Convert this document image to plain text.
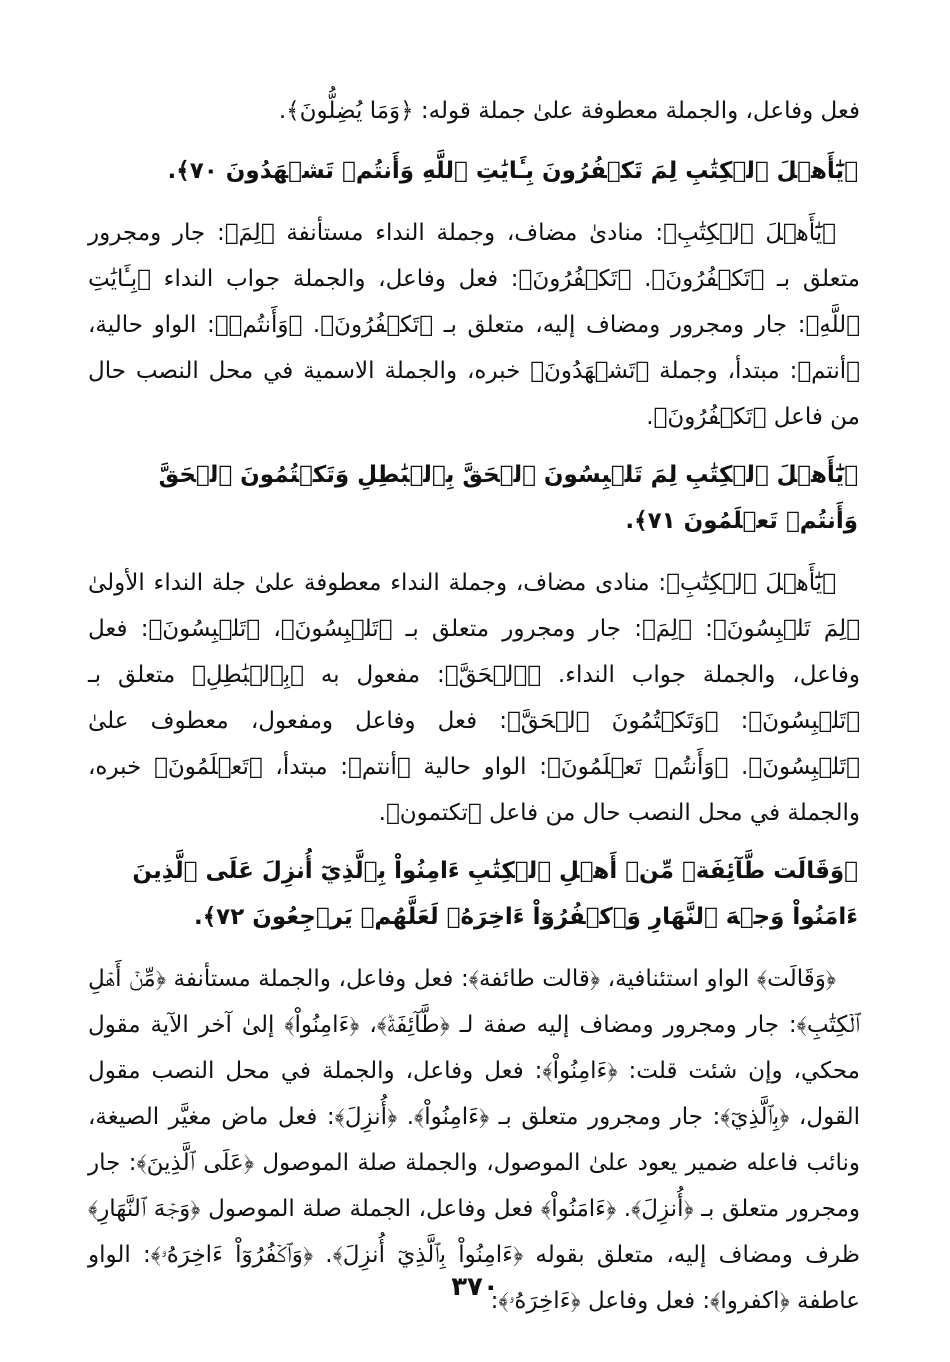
فعل وفاعل، والجملة معطوفة علىٰ جملة قوله: ﴿وَمَا يُضِلُّونَ﴾.

﴿يَٰٓأَهۡلَ ٱلۡكِتَٰبِ لِمَ تَكۡفُرُونَ بِـَٔايَٰتِ ٱللَّهِ وَأَنتُمۡ تَشۡهَدُونَ ٧٠﴾.

﴿يَٰٓأَهۡلَ ٱلۡكِتَٰبِ﴾: منادىٰ مضاف، وجملة النداء مستأنفة ﴿لِمَ﴾: جار ومجرور متعلق بـ ﴿تَكۡفُرُونَ﴾. ﴿تَكۡفُرُونَ﴾: فعل وفاعل، والجملة جواب النداء ﴿بِـَٔايَٰتِ ٱللَّهِ﴾: جار ومجرور ومضاف إليه، متعلق بـ ﴿تَكۡفُرُونَ﴾. ﴿وَأَنتُمۡ﴾: الواو حالية، ﴿أنتم﴾: مبتدأ، وجملة ﴿تَشۡهَدُونَ﴾ خبره، والجملة الاسمية في محل النصب حال من فاعل ﴿تَكۡفُرُونَ﴾.

﴿يَٰٓأَهۡلَ ٱلۡكِتَٰبِ لِمَ تَلۡبِسُونَ ٱلۡحَقَّ بِٱلۡبَٰطِلِ وَتَكۡتُمُونَ ٱلۡحَقَّ وَأَنتُمۡ تَعۡلَمُونَ ٧١﴾.

﴿يَٰٓأَهۡلَ ٱلۡكِتَٰبِ﴾: منادى مضاف، وجملة النداء معطوفة علىٰ جلة النداء الأولىٰ ﴿لِمَ تَلۡبِسُونَ﴾: ﴿لِمَ﴾: جار ومجرور متعلق بـ ﴿تَلۡبِسُونَ﴾، ﴿تَلۡبِسُونَ﴾: فعل وفاعل، والجملة جواب النداء. ﴿ٱلۡحَقَّ﴾: مفعول به ﴿بِٱلۡبَٰطِلِ﴾ متعلق بـ ﴿تَلۡبِسُونَ﴾: ﴿وَتَكۡتُمُونَ ٱلۡحَقَّ﴾: فعل وفاعل ومفعول، معطوف علىٰ ﴿تَلۡبِسُونَ﴾. ﴿وَأَنتُمۡ تَعۡلَمُونَ﴾: الواو حالية ﴿أنتم﴾: مبتدأ، ﴿تَعۡلَمُونَ﴾ خبره، والجملة في محل النصب حال من فاعل ﴿تكتمون﴾.

﴿وَقَالَت طَّآئِفَةٞ مِّنۡ أَهۡلِ ٱلۡكِتَٰبِ ءَامِنُواْ بِٱلَّذِيٓ أُنزِلَ عَلَى ٱلَّذِينَ ءَامَنُواْ وَجۡهَ ٱلنَّهَارِ وَٱكۡفُرُوٓاْ ءَاخِرَهُۥ لَعَلَّهُمۡ يَرۡجِعُونَ ٧٢﴾.

﴿وَقَالَت﴾ الواو استئنافية، ﴿قالت طائفة﴾: فعل وفاعل، والجملة مستأنفة ﴿مِّنۡ أَهۡلِ ٱلۡكِتَٰبِ﴾: جار ومجرور ومضاف إليه صفة لـ ﴿طَّآئِفَةٞ﴾، ﴿ءَامِنُواْ﴾ إلىٰ آخر الآية مقول محكي، وإن شئت قلت: ﴿ءَامِنُواْ﴾: فعل وفاعل، والجملة في محل النصب مقول القول، ﴿بِٱلَّذِيٓ﴾: جار ومجرور متعلق بـ ﴿ءَامِنُواْ﴾. ﴿أُنزِلَ﴾: فعل ماض مغيَّر الصيغة، ونائب فاعله ضمير يعود علىٰ الموصول، والجملة صلة الموصول ﴿عَلَى ٱلَّذِينَ﴾: جار ومجرور متعلق بـ ﴿أُنزِلَ﴾. ﴿ءَامَنُواْ﴾ فعل وفاعل، الجملة صلة الموصول ﴿وَجۡهَ ٱلنَّهَارِ﴾ ظرف ومضاف إليه، متعلق بقوله ﴿ءَامِنُواْ بِٱلَّذِيٓ أُنزِلَ﴾. ﴿وَٱكۡفُرُوٓاْ ءَاخِرَهُۥ﴾: الواو عاطفة ﴿اكفروا﴾: فعل وفاعل ﴿ءَاخِرَهُۥ﴾:

٣٧٠
